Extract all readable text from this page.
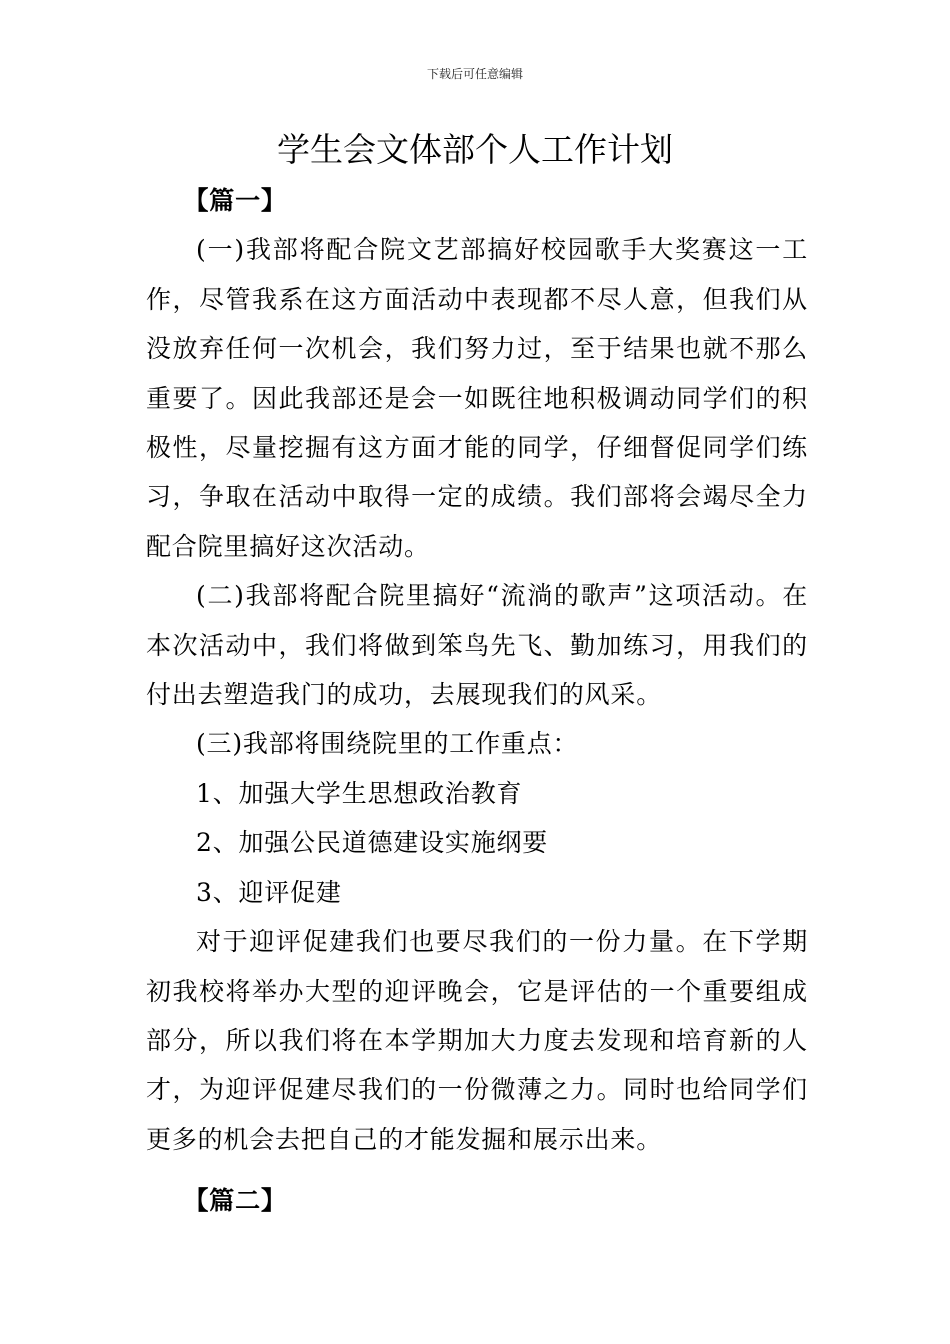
下载后可任意编辑
学生会文体部个人工作计划

【篇一】

(一)我部将配合院文艺部搞好校园歌手大奖赛这一工作，尽管我系在这方面活动中表现都不尽人意，但我们从没放弃任何一次机会，我们努力过，至于结果也就不那么重要了。因此我部还是会一如既往地积极调动同学们的积极性，尽量挖掘有这方面才能的同学，仔细督促同学们练习，争取在活动中取得一定的成绩。我们部将会竭尽全力配合院里搞好这次活动。

(二)我部将配合院里搞好“流淌的歌声”这项活动。在本次活动中，我们将做到笨鸟先飞、勤加练习，用我们的付出去塑造我门的成功，去展现我们的风采。

(三)我部将围绕院里的工作重点：

1、加强大学生思想政治教育

2、加强公民道德建设实施纲要

3、迎评促建

对于迎评促建我们也要尽我们的一份力量。在下学期初我校将举办大型的迎评晚会，它是评估的一个重要组成部分，所以我们将在本学期加大力度去发现和培育新的人才，为迎评促建尽我们的一份微薄之力。同时也给同学们更多的机会去把自己的才能发掘和展示出来。

【篇二】
